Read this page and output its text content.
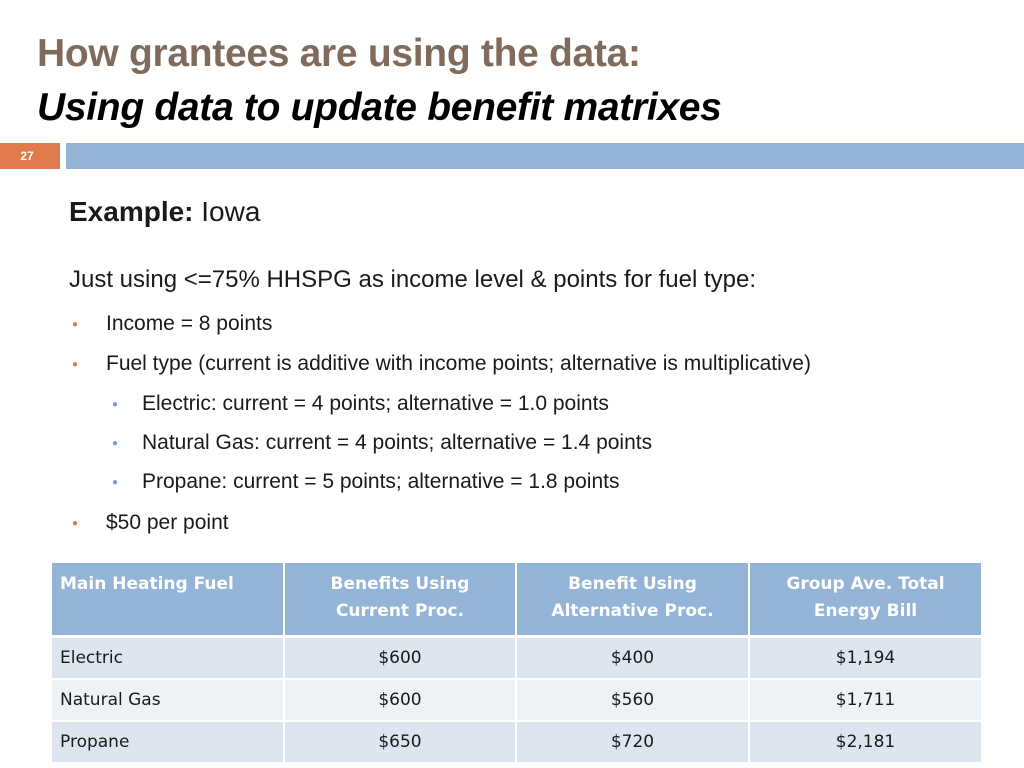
How grantees are using the data:
Using data to update benefit matrixes
27
Example: Iowa
Just using <=75% HHSPG as income level & points for fuel type:
● Income = 8 points
● Fuel type (current is additive with income points; alternative is multiplicative)
● Electric: current = 4 points; alternative = 1.0 points
● Natural Gas: current = 4 points; alternative = 1.4 points
● Propane: current = 5 points; alternative = 1.8 points
● $50 per point
Main Heating Fuel	Benefits Using Current Proc.	Benefit Using Alternative Proc.	Group Ave. Total Energy Bill
Electric	$600	$400	$1,194
Natural Gas	$600	$560	$1,711
Propane	$650	$720	$2,181
